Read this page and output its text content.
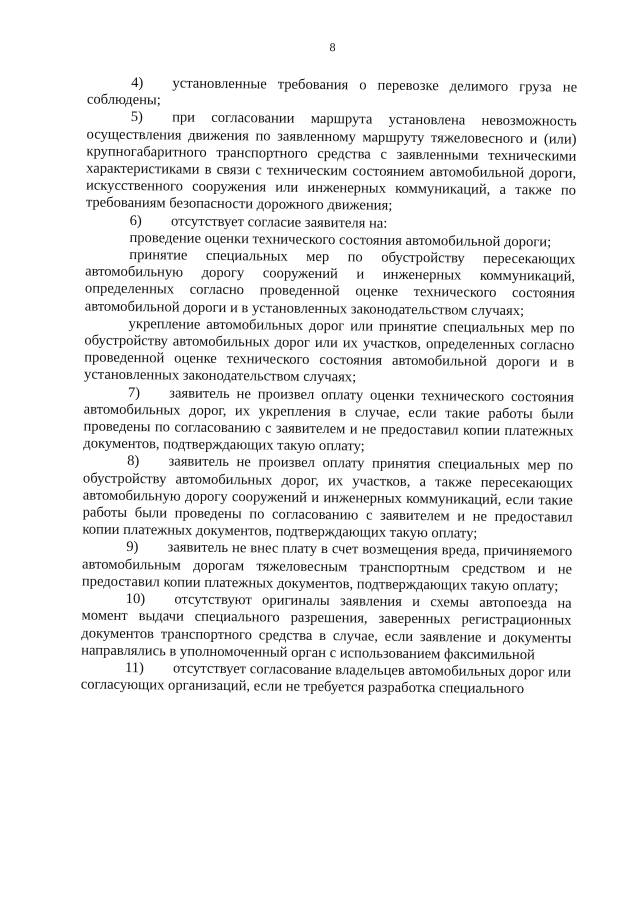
8

4)  установленные требования о перевозке делимого груза не соблюдены;

5)  при согласовании маршрута установлена невозможность осуществления движения по заявленному маршруту тяжеловесного и (или) крупногабаритного транспортного средства с заявленными техническими характеристиками в связи с техническим состоянием автомобильной дороги, искусственного сооружения или инженерных коммуникаций, а также по требованиям безопасности дорожного движения;

6)  отсутствует согласие заявителя на:

проведение оценки технического состояния автомобильной дороги;

принятие специальных мер по обустройству пересекающих автомобильную дорогу сооружений и инженерных коммуникаций, определенных согласно проведенной оценке технического состояния автомобильной дороги и в установленных законодательством случаях;

укрепление автомобильных дорог или принятие специальных мер по обустройству автомобильных дорог или их участков, определенных согласно проведенной оценке технического состояния автомобильной дороги и в установленных законодательством случаях;

7)  заявитель не произвел оплату оценки технического состояния автомобильных дорог, их укрепления в случае, если такие работы были проведены по согласованию с заявителем и не предоставил копии платежных документов, подтверждающих такую оплату;

8)  заявитель не произвел оплату принятия специальных мер по обустройству автомобильных дорог, их участков, а также пересекающих автомобильную дорогу сооружений и инженерных коммуникаций, если такие работы были проведены по согласованию с заявителем и не предоставил копии платежных документов, подтверждающих такую оплату;

9)  заявитель не внес плату в счет возмещения вреда, причиняемого автомобильным дорогам тяжеловесным транспортным средством и не предоставил копии платежных документов, подтверждающих такую оплату;

10)  отсутствуют оригиналы заявления и схемы автопоезда на момент выдачи специального разрешения, заверенных регистрационных документов транспортного средства в случае, если заявление и документы направлялись в уполномоченный орган с использованием факсимильной

11)  отсутствует согласование владельцев автомобильных дорог или согласующих организаций, если не требуется разработка специального
